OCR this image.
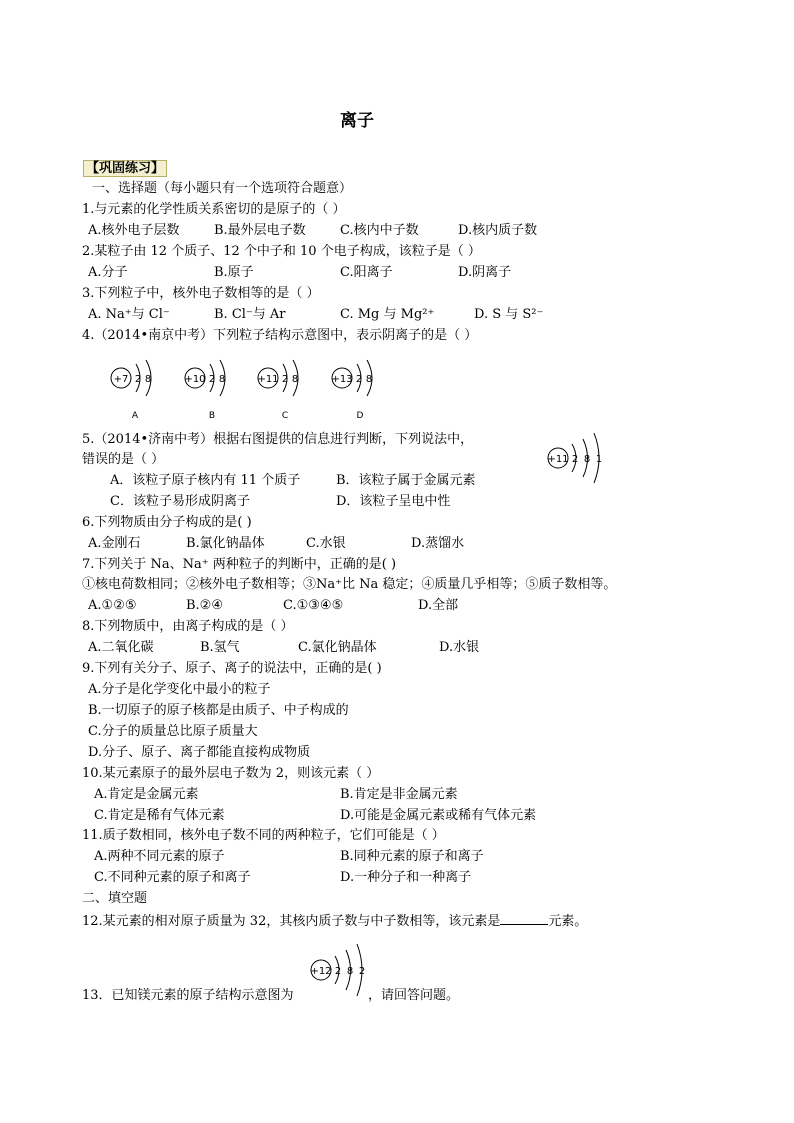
离子
【巩固练习】
一、选择题（每小题只有一个选项符合题意）
1.与元素的化学性质关系密切的是原子的（ ）
A.核外电子层数	B.最外层电子数	C.核内中子数	D.核内质子数
2.某粒子由 12 个质子、12 个中子和 10 个电子构成，该粒子是（ ）
A.分子	B.原子	C.阳离子	D.阴离子
3.下列粒子中，核外电子数相等的是（ ）
A. Na⁺与 Cl⁻	B. Cl⁻与 Ar	C. Mg 与 Mg²⁺	D. S 与 S²⁻
4.（2014•南京中考）下列粒子结构示意图中，表示阴离子的是（ ）
+7 2 8
A
+10 2 8
B
+11 2 8
C
+13 2 8
D
5.（2014•济南中考）根据右图提供的信息进行判断，下列说法中，
错误的是（ ）	+11 2 8 1
A．该粒子原子核内有 11 个质子	B．该粒子属于金属元素
C．该粒子易形成阴离子	D．该粒子呈电中性
6.下列物质由分子构成的是( )
A.金刚石	B.氯化钠晶体	C.水银	D.蒸馏水
7.下列关于 Na、Na⁺ 两种粒子的判断中，正确的是( )
①核电荷数相同；②核外电子数相等；③Na⁺比 Na 稳定；④质量几乎相等；⑤质子数相等。
A.①②⑤	B.②④	C.①③④⑤	D.全部
8.下列物质中，由离子构成的是（ ）
A.二氧化碳	B.氢气	C.氯化钠晶体	D.水银
9.下列有关分子、原子、离子的说法中，正确的是( )
A.分子是化学变化中最小的粒子
B.一切原子的原子核都是由质子、中子构成的
C.分子的质量总比原子质量大
D.分子、原子、离子都能直接构成物质
10.某元素原子的最外层电子数为 2，则该元素（ ）
A.肯定是金属元素	B.肯定是非金属元素
C.肯定是稀有气体元素	D.可能是金属元素或稀有气体元素
11.质子数相同，核外电子数不同的两种粒子，它们可能是（ ）
A.两种不同元素的原子	B.同种元素的原子和离子
C.不同种元素的原子和离子	D.一种分子和一种离子
二、填空题
12.某元素的相对原子质量为 32，其核内质子数与中子数相等，该元素是	元素。
+12 2 8 2
13．已知镁元素的原子结构示意图为	，请回答问题。
